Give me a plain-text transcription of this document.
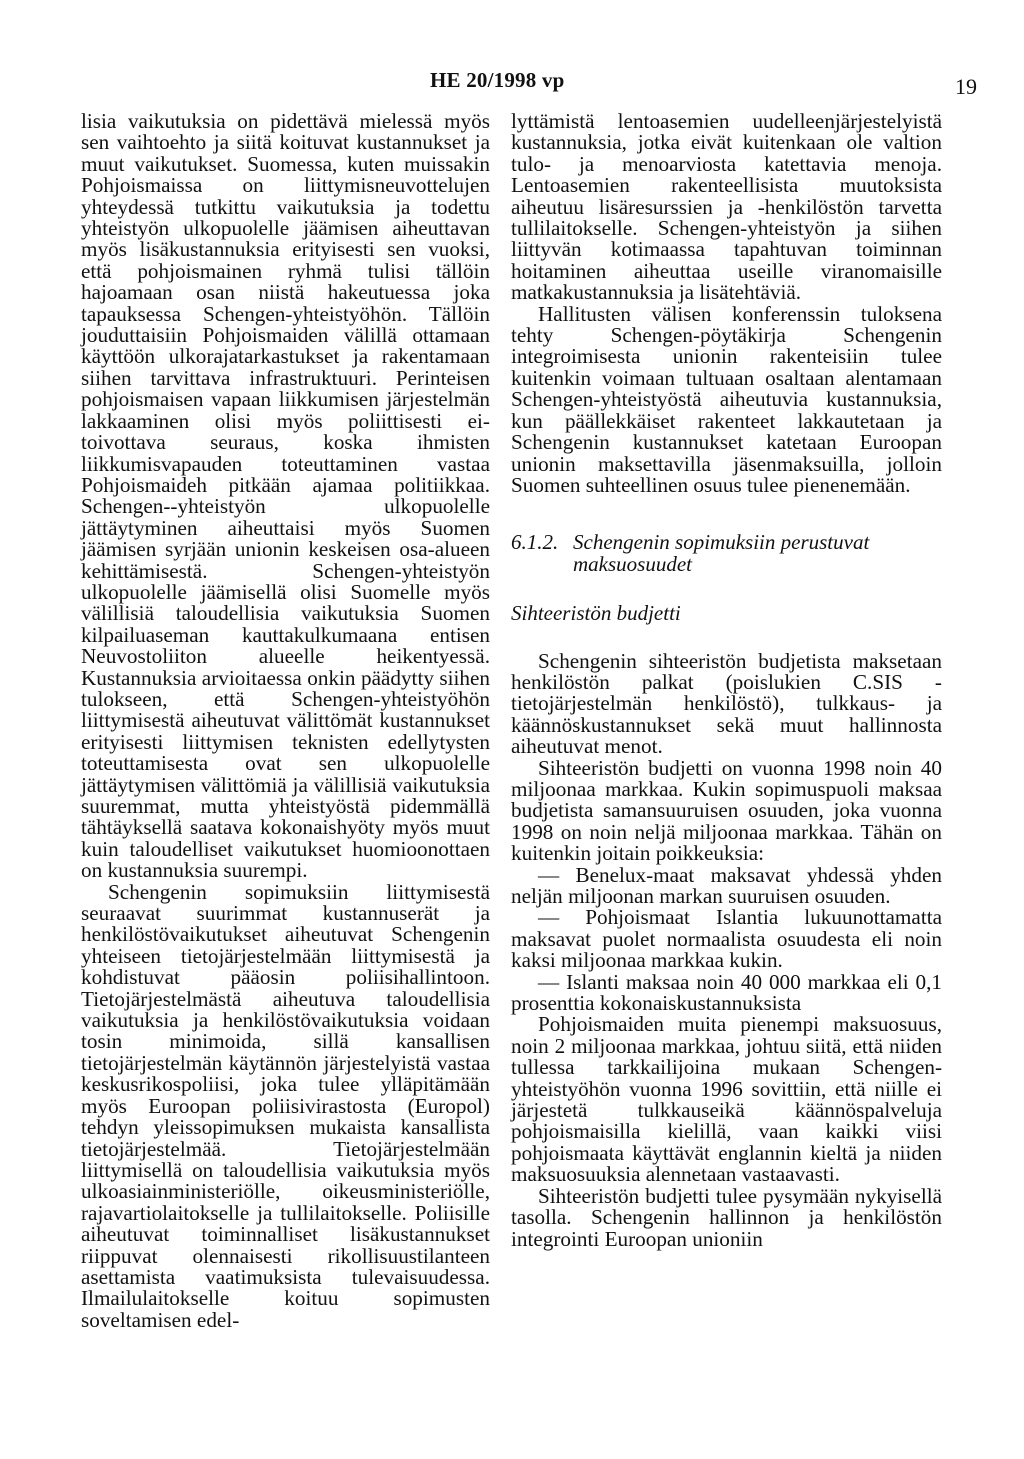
HE 20/1998 vp	19

lisia vaikutuksia on pidettävä mielessä myös sen vaihtoehto ja siitä koituvat kustannukset ja muut vaikutukset. Suomessa, kuten muissakin Pohjoismaissa on liittymisneuvottelujen yhteydessä tutkittu vaikutuksia ja todettu yhteistyön ulkopuolelle jäämisen aiheuttavan myös lisäkustannuksia erityisesti sen vuoksi, että pohjoismainen ryhmä tulisi tällöin hajoamaan osan niistä hakeutuessa joka tapauksessa Schengen-yhteistyöhön. Tällöin jouduttaisiin Pohjoismaiden välillä ottamaan käyttöön ulkorajatarkastukset ja rakentamaan siihen tarvittava infrastruktuuri. Perinteisen pohjoismaisen vapaan liikkumisen järjestelmän lakkaaminen olisi myös poliittisesti ei-toivottava seuraus, koska ihmisten liikkumisvapauden toteuttaminen vastaa Pohjoismaideh pitkään ajamaa politiikkaa. Schengen--yhteistyön ulkopuolelle jättäytyminen aiheuttaisi myös Suomen jäämisen syrjään unionin keskeisen osa-alueen kehittämisestä. Schengen-yhteistyön ulkopuolelle jäämisellä olisi Suomelle myös välillisiä taloudellisia vaikutuksia Suomen kilpailuaseman kauttakulkumaana entisen Neuvostoliiton alueelle heikentyessä. Kustannuksia arvioitaessa onkin päädytty siihen tulokseen, että Schengen-yhteistyöhön liittymisestä aiheutuvat välittömät kustannukset erityisesti liittymisen teknisten edellytysten toteuttamisesta ovat sen ulkopuolelle jättäytymisen välittömiä ja välillisiä vaikutuksia suuremmat, mutta yhteistyöstä pidemmällä tähtäyksellä saatava kokonaishyöty myös muut kuin taloudelliset vaikutukset huomioonottaen on kustannuksia suurempi.

Schengenin sopimuksiin liittymisestä seuraavat suurimmat kustannuserät ja henkilöstövaikutukset aiheutuvat Schengenin yhteiseen tietojärjestelmään liittymisestä ja kohdistuvat pääosin poliisihallintoon. Tietojärjestelmästä aiheutuva taloudellisia vaikutuksia ja henkilöstövaikutuksia voidaan tosin minimoida, sillä kansallisen tietojärjestelmän käytännön järjestelyistä vastaa keskusrikospoliisi, joka tulee ylläpitämään myös Euroopan poliisivirastosta (Europol) tehdyn yleissopimuksen mukaista kansallista tietojärjestelmää. Tietojärjestelmään liittymisellä on taloudellisia vaikutuksia myös ulkoasiainministeriölle, oikeusministeriölle, rajavartiolaitokselle ja tullilaitokselle. Poliisille aiheutuvat toiminnalliset lisäkustannukset riippuvat olennaisesti rikollisuustilanteen asettamista vaatimuksista tulevaisuudessa. Ilmailulaitokselle koituu sopimusten soveltamisen edel-

lyttämistä lentoasemien uudelleenjärjestelyistä kustannuksia, jotka eivät kuitenkaan ole valtion tulo- ja menoarviosta katettavia menoja. Lentoasemien rakenteellisista muutoksista aiheutuu lisäresurssien ja -henkilöstön tarvetta tullilaitokselle. Schengen-yhteistyön ja siihen liittyvän kotimaassa tapahtuvan toiminnan hoitaminen aiheuttaa useille viranomaisille matkakustannuksia ja lisätehtäviä.

Hallitusten välisen konferenssin tuloksena tehty Schengen-pöytäkirja Schengenin integroimisesta unionin rakenteisiin tulee kuitenkin voimaan tultuaan osaltaan alentamaan Schengen-yhteistyöstä aiheutuvia kustannuksia, kun päällekkäiset rakenteet lakkautetaan ja Schengenin kustannukset katetaan Euroopan unionin maksettavilla jäsenmaksuilla, jolloin Suomen suhteellinen osuus tulee pienenemään.

6.1.2. Schengenin sopimuksiin perustuvat
maksuosuudet
Sihteeristön budjetti

Schengenin sihteeristön budjetista maksetaan henkilöstön palkat (poislukien C.SIS -tietojärjestelmän henkilöstö), tulkkaus- ja käännöskustannukset sekä muut hallinnosta aiheutuvat menot.

Sihteeristön budjetti on vuonna 1998 noin 40 miljoonaa markkaa. Kukin sopimuspuoli maksaa budjetista samansuuruisen osuuden, joka vuonna 1998 on noin neljä miljoonaa markkaa. Tähän on kuitenkin joitain poikkeuksia:

— Benelux-maat maksavat yhdessä yhden neljän miljoonan markan suuruisen osuuden.

— Pohjoismaat Islantia lukuunottamatta maksavat puolet normaalista osuudesta eli noin kaksi miljoonaa markkaa kukin.

— Islanti maksaa noin 40 000 markkaa eli 0,1 prosenttia kokonaiskustannuksista

Pohjoismaiden muita pienempi maksuosuus, noin 2 miljoonaa markkaa, johtuu siitä, että niiden tullessa tarkkailijoina mukaan Schengen-yhteistyöhön vuonna 1996 sovittiin, että niille ei järjestetä tulkkauseikä käännöspalveluja pohjoismaisilla kielillä, vaan kaikki viisi pohjoismaata käyttävät englannin kieltä ja niiden maksuosuuksia alennetaan vastaavasti.

Sihteeristön budjetti tulee pysymään nykyisellä tasolla. Schengenin hallinnon ja henkilöstön integrointi Euroopan unioniin
